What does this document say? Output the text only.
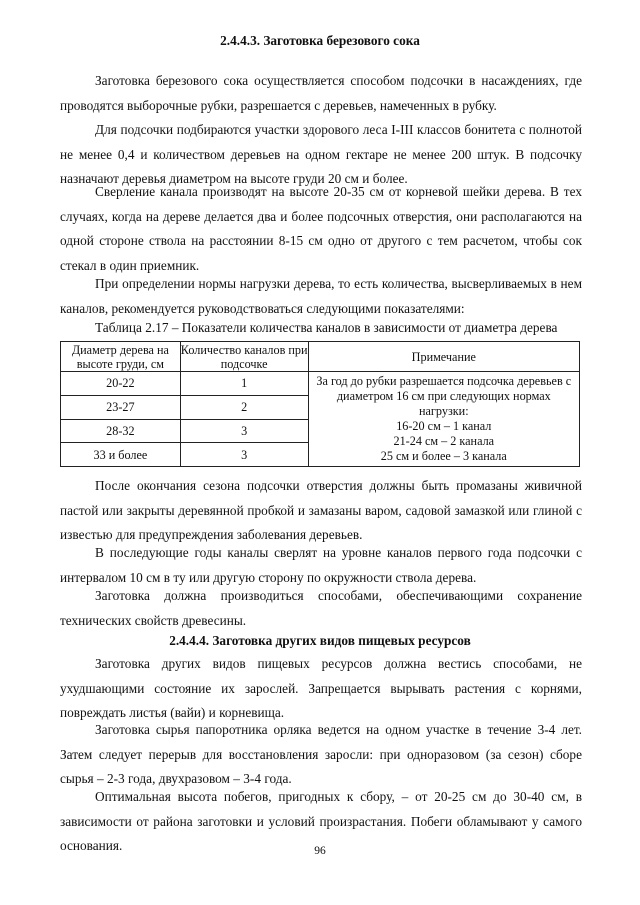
2.4.4.3. Заготовка березового сока

Заготовка березового сока осуществляется способом подсочки в насаждениях, где проводятся выборочные рубки, разрешается с деревьев, намеченных в рубку.

Для подсочки подбираются участки здорового леса I-III классов бонитета с полнотой не менее 0,4 и количеством деревьев на одном гектаре не менее 200 штук. В подсочку назначают деревья диаметром на высоте груди 20 см и более.

Сверление канала производят на высоте 20-35 см от корневой шейки дерева. В тех случаях, когда на дереве делается два и более подсочных отверстия, они располагаются на одной стороне ствола на расстоянии 8-15 см одно от другого с тем расчетом, чтобы сок стекал в один приемник.

При определении нормы нагрузки дерева, то есть количества, высверливаемых в нем каналов, рекомендуется руководствоваться следующими показателями:

Таблица 2.17 – Показатели количества каналов в зависимости от диаметра дерева
Диаметр дерева на высоте груди, см	Количество каналов при подсочке	Примечание
20-22	1	За год до рубки разрешается подсочка деревьев с диаметром 16 см при следующих нормах нагрузки:
16-20 см – 1 канал
21-24 см – 2 канала
25 см и более – 3 канала

23-27	2	
28-32	3	
33 и более	3	

После окончания сезона подсочки отверстия должны быть промазаны живичной пастой или закрыты деревянной пробкой и замазаны варом, садовой замазкой или глиной с известью для предупреждения заболевания деревьев.

В последующие годы каналы сверлят на уровне каналов первого года подсочки с интервалом 10 см в ту или другую сторону по окружности ствола дерева.

Заготовка должна производиться способами, обеспечивающими сохранение технических свойств древесины.

2.4.4.4. Заготовка других видов пищевых ресурсов

Заготовка других видов пищевых ресурсов должна вестись способами, не ухудшающими состояние их зарослей. Запрещается вырывать растения с корнями, повреждать листья (вайи) и корневища.

Заготовка сырья папоротника орляка ведется на одном участке в течение 3-4 лет. Затем следует перерыв для восстановления заросли: при одноразовом (за сезон) сборе сырья – 2-3 года, двухразовом – 3-4 года.

Оптимальная высота побегов, пригодных к сбору, – от 20-25 см до 30-40 см, в зависимости от района заготовки и условий произрастания. Побеги обламывают у самого основания.	96
